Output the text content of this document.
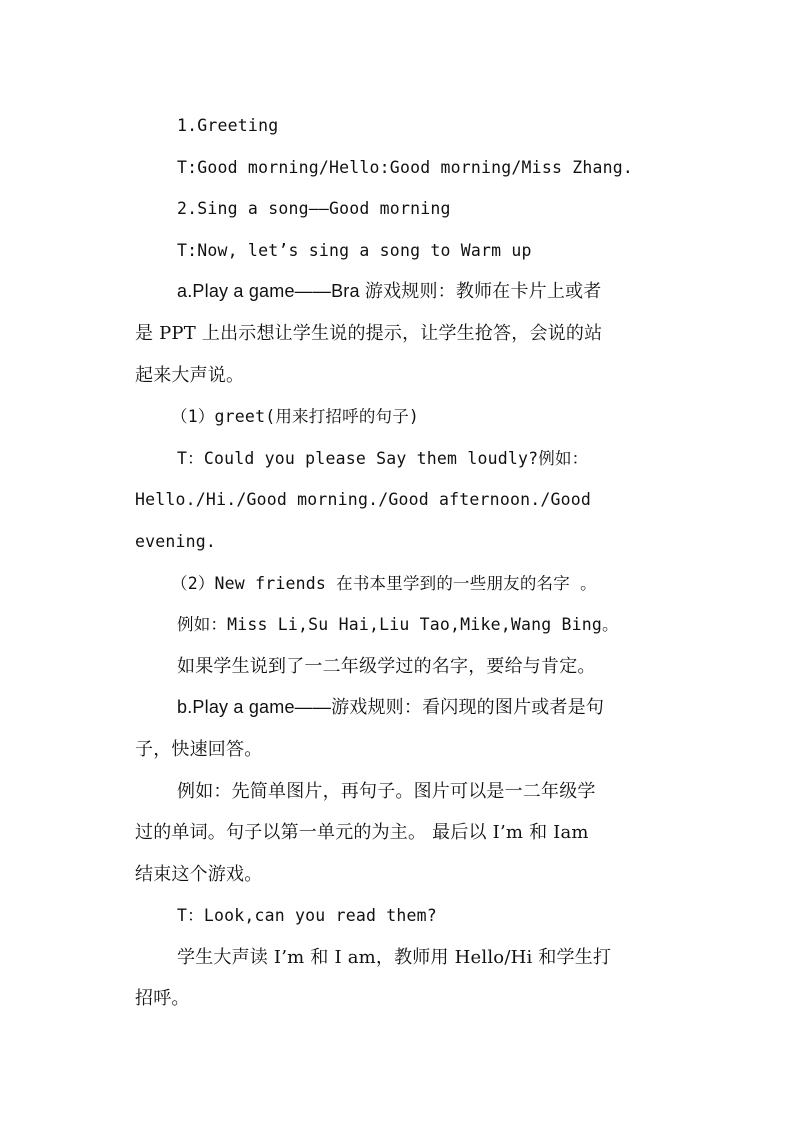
1.Greeting
T:Good morning/Hello:Good morning/Miss Zhang.
2.Sing a song——Good morning
T:Now, let’s sing a song to Warm up
a.Play a game——Bra 游戏规则：教师在卡片上或者
是 PPT 上出示想让学生说的提示，让学生抢答，会说的站
起来大声说。
（1）greet(用来打招呼的句子)
T：Could you please Say them loudly?例如：
Hello./Hi./Good morning./Good afternoon./Good
evening.
（2）New friends 在书本里学到的一些朋友的名字 。
例如：Miss Li,Su Hai,Liu Tao,Mike,Wang Bing。
如果学生说到了一二年级学过的名字，要给与肯定。
b.Play a game——游戏规则：看闪现的图片或者是句
子，快速回答。
例如：先简单图片，再句子。图片可以是一二年级学
过的单词。句子以第一单元的为主。 最后以 I’m 和 Iam
结束这个游戏。
T：Look,can you read them?
学生大声读 I’m 和 I am，教师用 Hello/Hi 和学生打
招呼。
